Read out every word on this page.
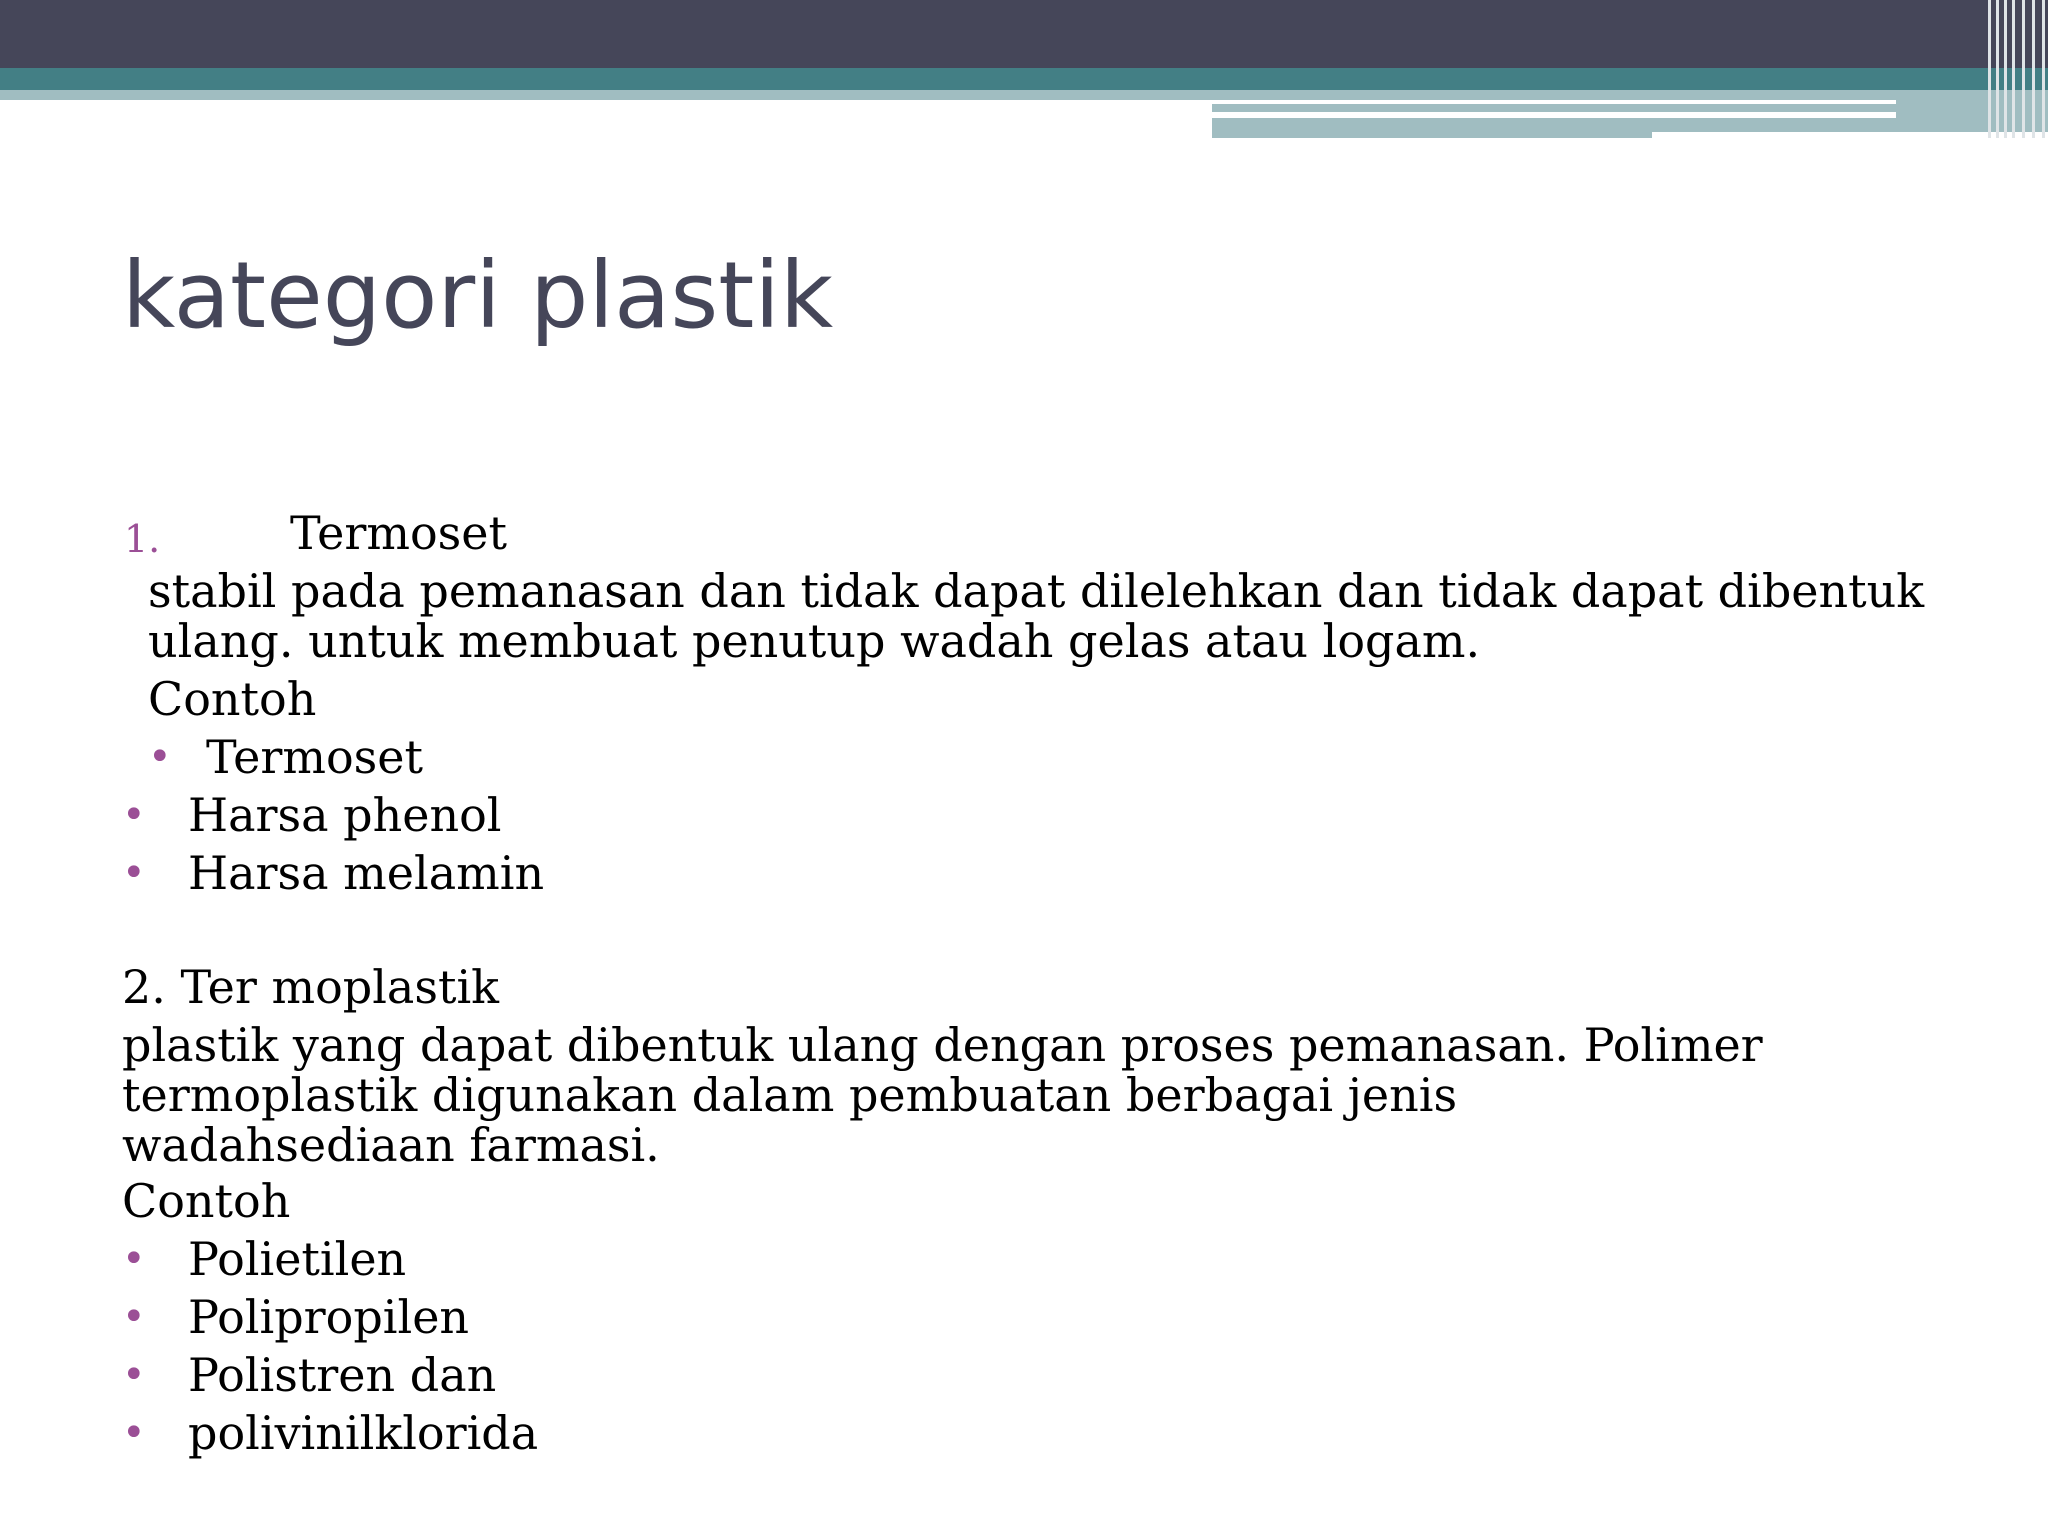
kategori plastik
1.	Termoset
stabil pada pemanasan dan tidak dapat dilelehkan dan tidak dapat dibentuk
ulang. untuk membuat penutup wadah gelas atau logam.
Contoh
• Termoset
• Harsa phenol
• Harsa melamin
2. Ter moplastik
plastik yang dapat dibentuk ulang dengan proses pemanasan. Polimer
termoplastik digunakan dalam pembuatan berbagai jenis
wadahsediaan farmasi.
Contoh
• Polietilen
• Polipropilen
• Polistren dan
• polivinilklorida
